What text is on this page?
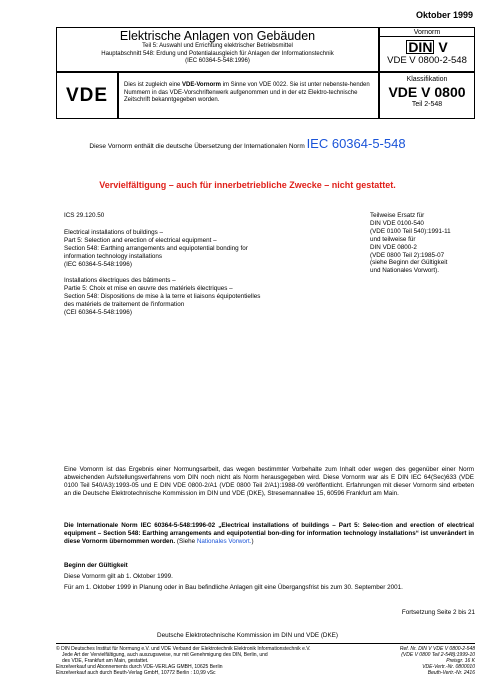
Oktober 1999
Elektrische Anlagen von Gebäuden
Teil 5: Auswahl und Errichtung elektrischer Betriebsmittel
Hauptabschnitt 548: Erdung und Potentialausgleich für Anlagen der Informationstechnik
(IEC 60364-5-548:1996)
Vornorm
DIN V
VDE V 0800-2-548
VDE	Dies ist zugleich eine VDE-Vornorm im Sinne von VDE 0022. Sie ist unter nebenste-henden Nummern in das VDE-Vorschriftenwerk aufgenommen und in der etz Elektro-technische Zeitschrift bekanntgegeben worden.
Klassifikation
VDE V 0800
Teil 2-548
Diese Vornorm enthält die deutsche Übersetzung der Internationalen Norm IEC 60364-5-548
Vervielfältigung – auch für innerbetriebliche Zwecke – nicht gestattet.
ICS 29.120.50
Electrical installations of buildings –
Part 5: Selection and erection of electrical equipment –
Section 548: Earthing arrangements and equipotential bonding for
information technology installations
(IEC 60364-5-548:1996)
Installations électriques des bâtiments –
Partie 5: Choix et mise en œuvre des matériels électriques –
Section 548: Dispositions de mise à la terre et liaisons équipotentielles
des matériels de traitement de l'information
(CEI 60364-5-548:1996)
Teilweise Ersatz für
DIN VDE 0100-540
(VDE 0100 Teil 540):1991-11
und teilweise für
DIN VDE 0800-2
(VDE 0800 Teil 2):1985-07
(siehe Beginn der Gültigkeit
und Nationales Vorwort).
Eine Vornorm ist das Ergebnis einer Normungsarbeit, das wegen bestimmter Vorbehalte zum Inhalt oder wegen des gegenüber einer Norm abweichenden Aufstellungsverfahrens vom DIN noch nicht als Norm herausgegeben wird. Diese Vornorm war als E DIN IEC 64(Sec)633 (VDE 0100 Teil 540/A3):1993-05 und E DIN VDE 0800-2/A1 (VDE 0800 Teil 2/A1):1988-09 veröffentlicht. Erfahrungen mit dieser Vornorm sind erbeten an die Deutsche Elektrotechnische Kommission im DIN und VDE (DKE), Stresemannallee 15, 60596 Frankfurt am Main.
Die Internationale Norm IEC 60364-5-548:1996-02 „Electrical installations of buildings – Part 5: Selec-tion and erection of electrical equipment – Section 548: Earthing arrangements and equipotential bon-ding for information technology installations“ ist unverändert in diese Vornorm übernommen worden. (Siehe Nationales Vorwort.)
Beginn der Gültigkeit
Diese Vornorm gilt ab 1. Oktober 1999.
Für am 1. Oktober 1999 in Planung oder in Bau befindliche Anlagen gilt eine Übergangsfrist bis zum 30. September 2001.
Fortsetzung Seite 2 bis 21
Deutsche Elektrotechnische Kommission im DIN und VDE (DKE)
© DIN Deutsches Institut für Normung e.V. und VDE Verband der Elektrotechnik Elektronik Informationstechnik e.V.
Jede Art der Vervielfältigung, auch auszugsweise, nur mit Genehmigung des DIN, Berlin, und
des VDE, Frankfurt am Main, gestattet.
Einzelverkauf und Abonnements durch VDE-VERLAG GMBH, 10625 Berlin
Einzelverkauf auch durch Beuth-Verlag GmbH, 10772 Berlin : 10,99 vSc
Ref. Nr. DIN V VDE V 0800-2-548
(VDE V 0800 Teil 2-548):1999-10
Preisgr. 16 K
VDE-Vertr.-Nr. 0800010
Beuth-Vertr.-Nr. 2416
